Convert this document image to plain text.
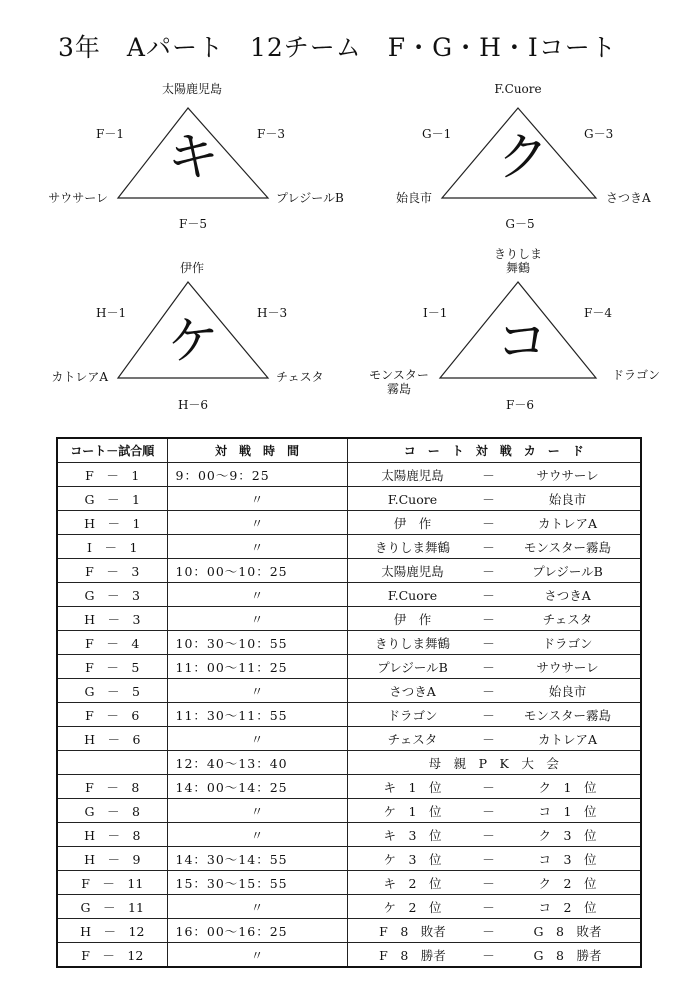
3年　Aパート　12チーム　F・G・H・Iコート
キ
太陽鹿児島
サウサーレ	プレジールB
F－1	F－3
F－5
ク
F.Cuore
始良市	さつきA
G－1	G－3
G－5
ケ
伊作
カトレアA	チェスタ
H－1	H－3
H－6
コ
きりしま
舞鶴
モンスター
霧島
ドラゴン
I－1	F－4
F－6
コート－試合順	対　戦　時　間	コ　ー　ト　対　戦　カ　ー　ド
F　－　1	9：00～9：25	太陽鹿児島 － サウサーレ
G　－　1	〃	F.Cuore － 始良市
H　－　1	〃	伊　作 － カトレアA
I　－　1	〃	きりしま舞鶴 － モンスター霧島
F　－　3	10：00～10：25	太陽鹿児島 － プレジールB
G　－　3	〃	F.Cuore － さつきA
H　－　3	〃	伊　作 － チェスタ
F　－　4	10：30～10：55	きりしま舞鶴 － ドラゴン
F　－　5	11：00～11：25	プレジールB － サウサーレ
G　－　5	〃	さつきA － 始良市
F　－　6	11：30～11：55	ドラゴン － モンスター霧島
H　－　6	〃	チェスタ － カトレアA
	12：40～13：40	母　親　P　K　大　会
F　－　8	14：00～14：25	キ　1　位 － ク　1　位
G　－　8	〃	ケ　1　位 － コ　1　位
H　－　8	〃	キ　3　位 － ク　3　位
H　－　9	14：30～14：55	ケ　3　位 － コ　3　位
F　－　11	15：30～15：55	キ　2　位 － ク　2　位
G　－　11	〃	ケ　2　位 － コ　2　位
H　－　12	16：00～16：25	F　8　敗者 － G　8　敗者
F　－　12	〃	F　8　勝者 － G　8　勝者
